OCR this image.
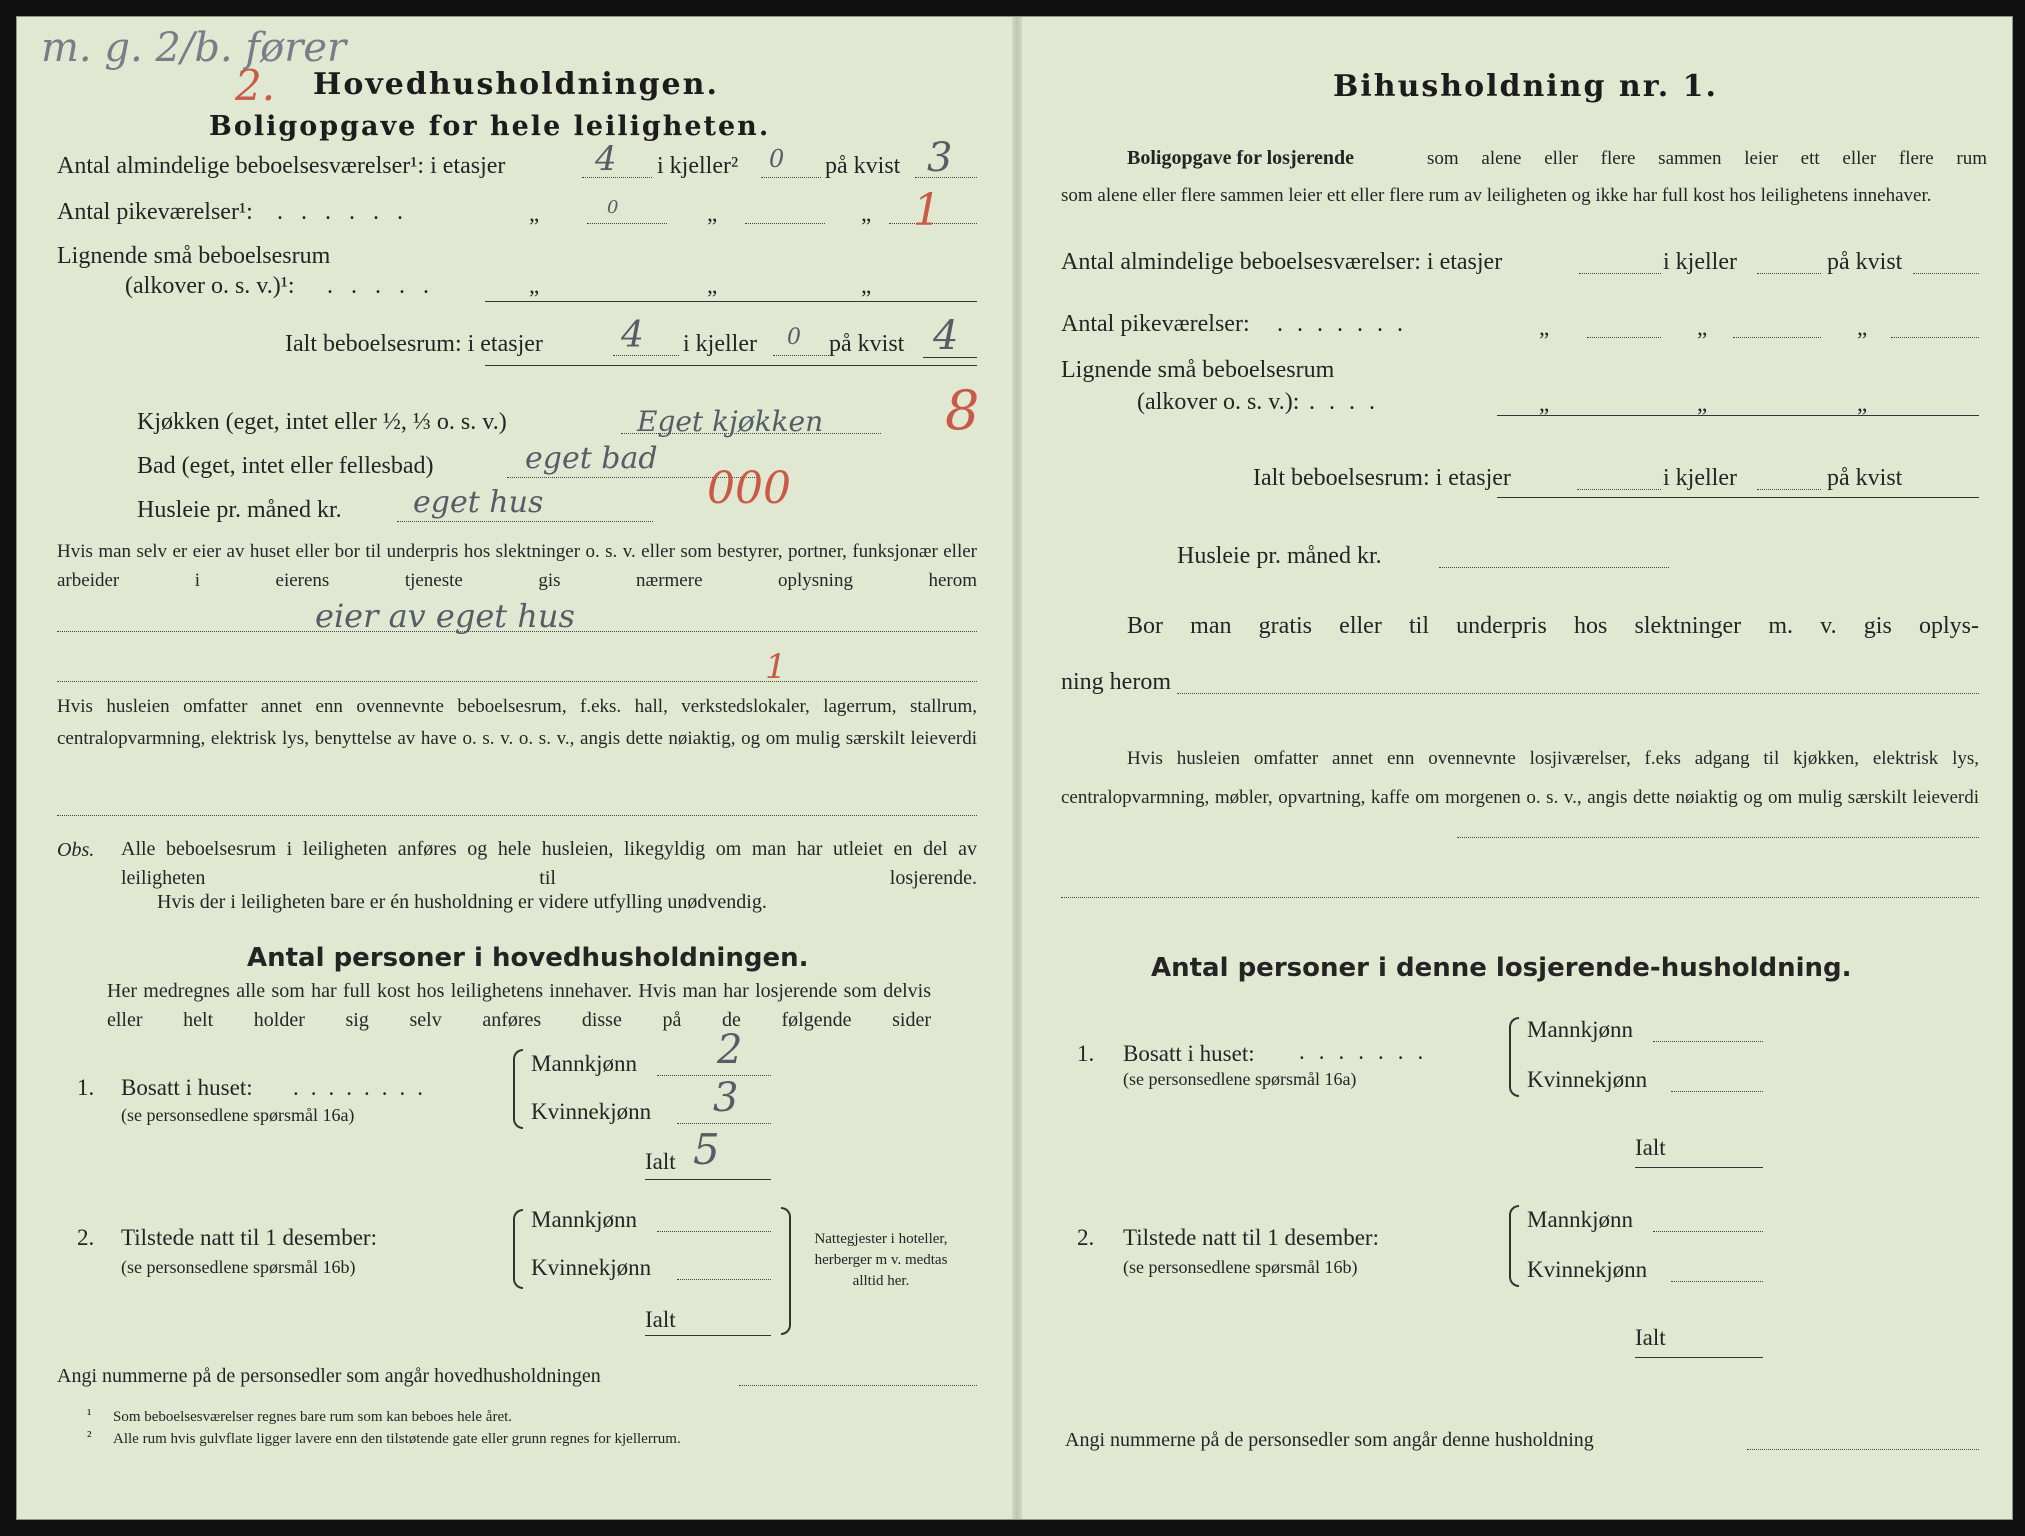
m. g. 2/b. fører
2. Hovedhusholdningen.
Boligopgave for hele leiligheten.
Antal almindelige beboelsesværelser¹: i etasjer	4 i kjeller² 0 på kvist 3
Antal pikeværelser¹: ......	„	0	„	„ 1
Lignende små beboelsesrum
(alkover o. s. v.)¹: .....	„	„	„
Ialt beboelsesrum: i etasjer 4 i kjeller 0 på kvist 4
8
Kjøkken (eget, intet eller ½, ⅓ o. s. v.)	Eget kjøkken
Bad (eget, intet eller fellesbad)	eget bad
Husleie pr. måned kr. eget hus	000
Hvis man selv er eier av huset eller bor til underpris hos slektninger o. s. v. eller som bestyrer, portner, funksjonær eller arbeider i eierens tjeneste gis nærmere oplysning herom
eier av eget hus
1
Hvis husleien omfatter annet enn ovennevnte beboelsesrum, f.eks. hall, verkstedslokaler, lagerrum, stallrum, centralopvarmning, elektrisk lys, benyttelse av have o. s. v. o. s. v., angis dette nøiaktig, og om mulig særskilt leieverdi
Obs. Alle beboelsesrum i leiligheten anføres og hele husleien, likegyldig om man har utleiet en del av leiligheten til losjerende.
Hvis der i leiligheten bare er én husholdning er videre utfylling unødvendig.
Antal personer i hovedhusholdningen.
Her medregnes alle som har full kost hos leilighetens innehaver. Hvis man har losjerende som delvis eller helt holder sig selv anføres disse på de følgende sider
1. Bosatt i huset: ........
(se personsedlene spørsmål 16a)
Mannkjønn 2
Kvinnekjønn 3
Ialt 5
2. Tilstede natt til 1 desember:
(se personsedlene spørsmål 16b)
Mannkjønn
Kvinnekjønn
Ialt
Nattegjester i hoteller, herberger m v. medtas alltid her.
Angi nummerne på de personsedler som angår hovedhusholdningen
¹ Som beboelsesværelser regnes bare rum som kan beboes hele året.
² Alle rum hvis gulvflate ligger lavere enn den tilstøtende gate eller grunn regnes for kjellerrum.
Bihusholdning nr. 1.
Boligopgave for losjerende	som alene eller flere sammen leier ett eller flere rum
som alene eller flere sammen leier ett eller flere rum av leiligheten og ikke har full kost hos leilighetens innehaver.
Antal almindelige beboelsesværelser: i etasjer	i kjeller	på kvist
Antal pikeværelser: .......	„	„	„
Lignende små beboelsesrum
(alkover o. s. v.): ....	„	„	„
Ialt beboelsesrum: i etasjer	i kjeller	på kvist
Husleie pr. måned kr.
Bor man gratis eller til underpris hos slektninger m. v. gis oplys-
ning herom
Hvis husleien omfatter annet enn ovennevnte losjiværelser, f.eks adgang til kjøkken, elektrisk lys, centralopvarmning, møbler, opvartning, kaffe om morgenen o. s. v., angis dette nøiaktig og om mulig særskilt leieverdi
Antal personer i denne losjerende-husholdning.
1. Bosatt i huset: .......
(se personsedlene spørsmål 16a)
Mannkjønn
Kvinnekjønn
Ialt
2. Tilstede natt til 1 desember:
(se personsedlene spørsmål 16b)
Mannkjønn
Kvinnekjønn
Ialt
Angi nummerne på de personsedler som angår denne husholdning
